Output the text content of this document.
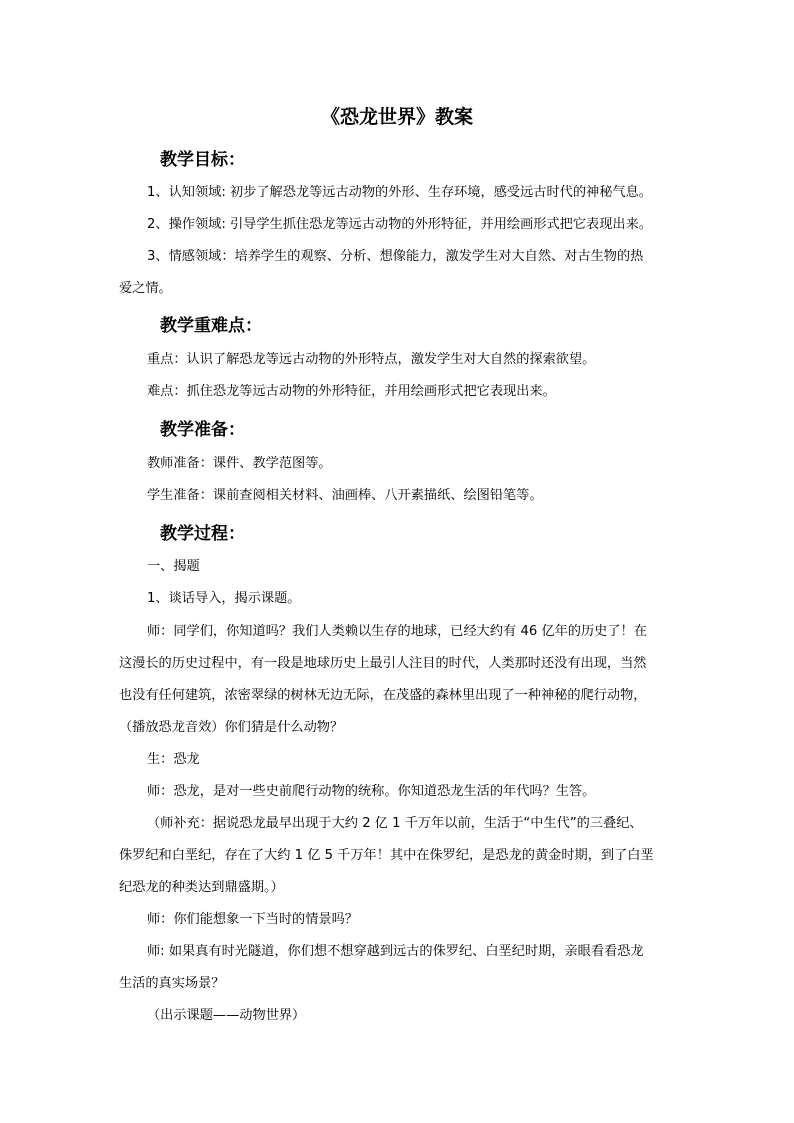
《恐龙世界》教案
教学目标：
1、认知领域: 初步了解恐龙等远古动物的外形、生存环境，感受远古时代的神秘气息。
2、操作领域: 引导学生抓住恐龙等远古动物的外形特征，并用绘画形式把它表现出来。
3、情感领域：培养学生的观察、分析、想像能力，激发学生对大自然、对古生物的热
爱之情。
教学重难点：
重点：认识了解恐龙等远古动物的外形特点，激发学生对大自然的探索欲望。
难点：抓住恐龙等远古动物的外形特征，并用绘画形式把它表现出来。
教学准备：
教师准备：课件、教学范图等。
学生准备：课前查阅相关材料、油画棒、八开素描纸、绘图铅笔等。
教学过程：
一、揭题
1、谈话导入，揭示课题。
师：同学们，你知道吗？我们人类赖以生存的地球，已经大约有 46 亿年的历史了！在
这漫长的历史过程中，有一段是地球历史上最引人注目的时代，人类那时还没有出现，当然
也没有任何建筑，浓密翠绿的树林无边无际，在茂盛的森林里出现了一种神秘的爬行动物，
（播放恐龙音效）你们猜是什么动物？
生：恐龙
师：恐龙，是对一些史前爬行动物的统称。你知道恐龙生活的年代吗？生答。
（师补充：据说恐龙最早出现于大约 2 亿 1 千万年以前，生活于“中生代”的三叠纪、
侏罗纪和白垩纪，存在了大约 1 亿 5 千万年！其中在侏罗纪，是恐龙的黄金时期，到了白垩
纪恐龙的种类达到鼎盛期。）
师：你们能想象一下当时的情景吗？
师: 如果真有时光隧道，你们想不想穿越到远古的侏罗纪、白垩纪时期，亲眼看看恐龙
生活的真实场景？
（出示课题——动物世界）
